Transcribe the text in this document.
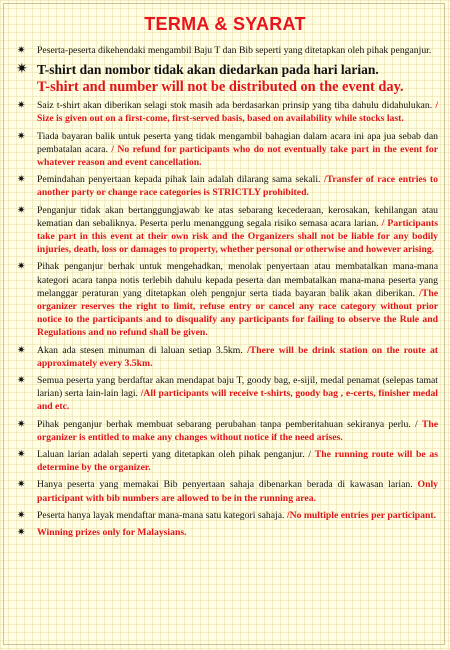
TERMA & SYARAT
✷ Peserta-peserta dikehendaki mengambil Baju T dan Bib seperti yang ditetapkan oleh pihak penganjur.
✷ T-shirt dan nombor tidak akan diedarkan pada hari larian.
T-shirt and number will not be distributed on the event day.
✷ Saiz t-shirt akan diberikan selagi stok masih ada berdasarkan prinsip yang tiba dahulu didahulukan. / Size is given out on a first-come, first-served basis, based on availability while stocks last.
✷ Tiada bayaran balik untuk peserta yang tidak mengambil bahagian dalam acara ini apa jua sebab dan pembatalan acara. / No refund for participants who do not eventually take part in the event for whatever reason and event cancellation.
✷ Pemindahan penyertaan kepada pihak lain adalah dilarang sama sekali. /Transfer of race entries to another party or change race categories is STRICTLY prohibited.
✷ Penganjur tidak akan bertanggungjawab ke atas sebarang kecederaan, kerosakan, kehilangan atau kematian dan sebaliknya. Peserta perlu menanggung segala risiko semasa acara larian. / Participants take part in this event at their own risk and the Organizers shall not be liable for any bodily injuries, death, loss or damages to property, whether personal or otherwise and however arising.
✷ Pihak penganjur berhak untuk mengehadkan, menolak penyertaan atau membatalkan mana-mana kategori acara tanpa notis terlebih dahulu kepada peserta dan membatalkan mana-mana peserta yang melanggar peraturan yang ditetapkan oleh pengnjur serta tiada bayaran balik akan diberikan. /The organizer reserves the right to limit, refuse entry or cancel any race category without prior notice to the participants and to disqualify any participants for failing to observe the Rule and Regulations and no refund shall be given.
✷ Akan ada stesen minuman di laluan setiap 3.5km. /There will be drink station on the route at approximately every 3.5km.
✷ Semua peserta yang berdaftar akan mendapat baju T, goody bag, e-sijil, medal penamat (selepas tamat larian) serta lain-lain lagi. /All participants will receive t-shirts, goody bag , e-certs, finisher medal and etc.
✷ Pihak penganjur berhak membuat sebarang perubahan tanpa pemberitahuan sekiranya perlu. / The organizer is entitled to make any changes without notice if the need arises.
✷ Laluan larian adalah seperti yang ditetapkan oleh pihak penganjur. / The running route will be as determine by the organizer.
✷ Hanya peserta yang memakai Bib penyertaan sahaja dibenarkan berada di kawasan larian. Only participant with bib numbers are allowed to be in the running area.
✷ Peserta hanya layak mendaftar mana-mana satu kategori sahaja. /No multiple entries per participant.
✷ Winning prizes only for Malaysians.
